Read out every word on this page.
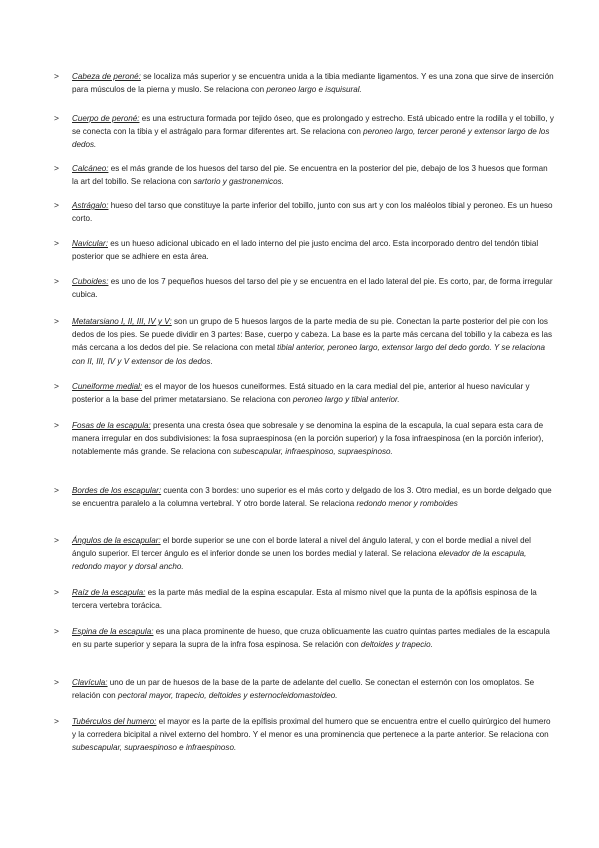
> Cabeza de peroné: se localiza más superior y se encuentra unida a la tibia mediante ligamentos. Y es una zona que sirve de inserción para músculos de la pierna y muslo. Se relaciona con peroneo largo e isquisural.
> Cuerpo de peroné: es una estructura formada por tejido óseo, que es prolongado y estrecho. Está ubicado entre la rodilla y el tobillo, y se conecta con la tibia y el astrágalo para formar diferentes art. Se relaciona con peroneo largo, tercer peroné y extensor largo de los dedos.
> Calcáneo: es el más grande de los huesos del tarso del pie. Se encuentra en la posterior del pie, debajo de los 3 huesos que forman la art del tobillo. Se relaciona con sartorio y gastronemicos.
> Astrágalo: hueso del tarso que constituye la parte inferior del tobillo, junto con sus art y con los maléolos tibial y peroneo. Es un hueso corto.
> Navicular: es un hueso adicional ubicado en el lado interno del pie justo encima del arco. Esta incorporado dentro del tendón tibial posterior que se adhiere en esta área.
> Cuboides: es uno de los 7 pequeños huesos del tarso del pie y se encuentra en el lado lateral del pie. Es corto, par, de forma irregular cubica.
> Metatarsiano I, II, III, IV y V: son un grupo de 5 huesos largos de la parte media de su pie. Conectan la parte posterior del pie con los dedos de los pies. Se puede dividir en 3 partes: Base, cuerpo y cabeza. La base es la parte más cercana del tobillo y la cabeza es las más cercana a los dedos del pie. Se relaciona con metal tibial anterior, peroneo largo, extensor largo del dedo gordo. Y se relaciona con II, III, IV y V extensor de los dedos.
> Cuneiforme medial: es el mayor de los huesos cuneiformes. Está situado en la cara medial del pie, anterior al hueso navicular y posterior a la base del primer metatarsiano. Se relaciona con peroneo largo y tibial anterior.
> Fosas de la escapula: presenta una cresta ósea que sobresale y se denomina la espina de la escapula, la cual separa esta cara de manera irregular en dos subdivisiones: la fosa supraespinosa (en la porción superior) y la fosa infraespinosa (en la porción inferior), notablemente más grande. Se relaciona con subescapular, infraespinoso, supraespinoso.
> Bordes de los escapular: cuenta con 3 bordes: uno superior es el más corto y delgado de los 3. Otro medial, es un borde delgado que se encuentra paralelo a la columna vertebral. Y otro borde lateral. Se relaciona redondo menor y romboides
> Ángulos de la escapular: el borde superior se une con el borde lateral a nivel del ángulo lateral, y con el borde medial a nivel del ángulo superior. El tercer ángulo es el inferior donde se unen los bordes medial y lateral. Se relaciona elevador de la escapula, redondo mayor y dorsal ancho.
> Raíz de la escapula: es la parte más medial de la espina escapular. Esta al mismo nivel que la punta de la apófisis espinosa de la tercera vertebra torácica.
> Espina de la escapula: es una placa prominente de hueso, que cruza oblicuamente las cuatro quintas partes mediales de la escapula en su parte superior y separa la supra de la infra fosa espinosa. Se relación con deltoides y trapecio.
> Clavícula: uno de un par de huesos de la base de la parte de adelante del cuello. Se conectan el esternón con los omoplatos. Se relación con pectoral mayor, trapecio, deltoides y esternocleidomastoideo.
> Tubérculos del humero: el mayor es la parte de la epífisis proximal del humero que se encuentra entre el cuello quirúrgico del humero y la corredera bicipital a nivel externo del hombro. Y el menor es una prominencia que pertenece a la parte anterior. Se relaciona con subescapular, supraespinoso e infraespinoso.
